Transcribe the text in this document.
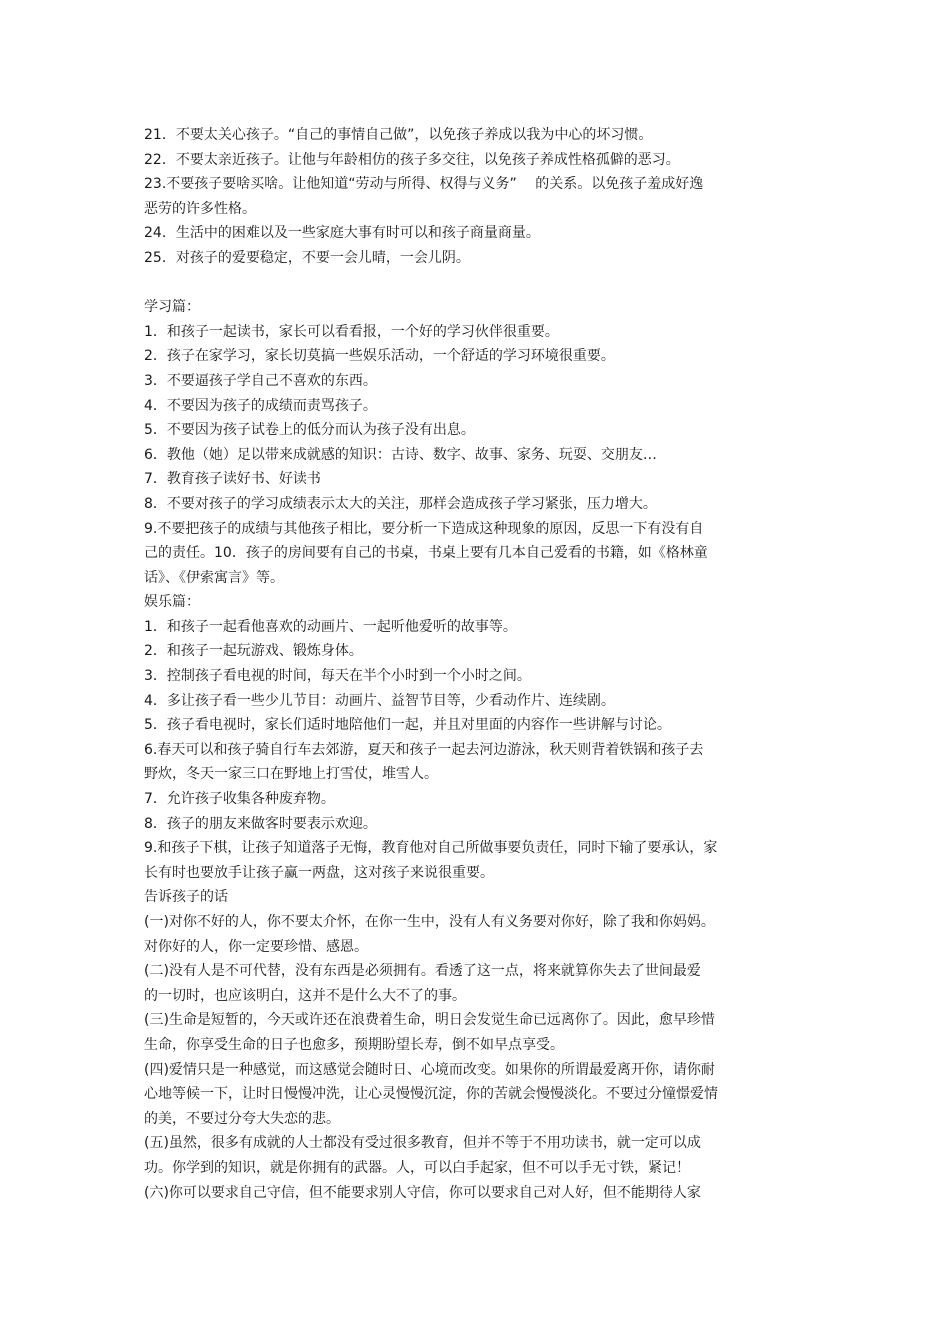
21．不要太关心孩子。“自己的事情自己做”，以免孩子养成以我为中心的坏习惯。

22．不要太亲近孩子。让他与年龄相仿的孩子多交往，以免孩子养成性格孤僻的恶习。

23.不要孩子要啥买啥。让他知道“劳动与所得、权得与义务”　 的关系。以免孩子羞成好逸

恶劳的许多性格。

24．生活中的困难以及一些家庭大事有时可以和孩子商量商量。

25．对孩子的爱要稳定，不要一会儿晴，一会儿阴。

学习篇：

1．和孩子一起读书，家长可以看看报，一个好的学习伙伴很重要。

2．孩子在家学习，家长切莫搞一些娱乐活动，一个舒适的学习环境很重要。

3．不要逼孩子学自己不喜欢的东西。

4．不要因为孩子的成绩而责骂孩子。

5．不要因为孩子试卷上的低分而认为孩子没有出息。

6．教他（她）足以带来成就感的知识：古诗、数字、故事、家务、玩耍、交朋友…

7．教育孩子读好书、好读书

8．不要对孩子的学习成绩表示太大的关注，那样会造成孩子学习紧张，压力增大。

9.不要把孩子的成绩与其他孩子相比，要分析一下造成这种现象的原因，反思一下有没有自

己的责任。10．孩子的房间要有自己的书桌，书桌上要有几本自己爱看的书籍，如《格林童

话》、《伊索寓言》等。

娱乐篇：

1．和孩子一起看他喜欢的动画片、一起听他爱听的故事等。

2．和孩子一起玩游戏、锻炼身体。

3．控制孩子看电视的时间，每天在半个小时到一个小时之间。

4．多让孩子看一些少儿节目：动画片、益智节目等，少看动作片、连续剧。

5．孩子看电视时，家长们适时地陪他们一起，并且对里面的内容作一些讲解与讨论。

6.春天可以和孩子骑自行车去郊游，夏天和孩子一起去河边游泳，秋天则背着铁锅和孩子去

野炊，冬天一家三口在野地上打雪仗，堆雪人。

7．允许孩子收集各种废弃物。

8．孩子的朋友来做客时要表示欢迎。

9.和孩子下棋，让孩子知道落子无悔，教育他对自己所做事要负责任，同时下输了要承认，家

长有时也要放手让孩子赢一两盘，这对孩子来说很重要。

告诉孩子的话

(一)对你不好的人，你不要太介怀，在你一生中，没有人有义务要对你好，除了我和你妈妈。

对你好的人，你一定要珍惜、感恩。

(二)没有人是不可代替，没有东西是必须拥有。看透了这一点，将来就算你失去了世间最爱

的一切时，也应该明白，这并不是什么大不了的事。

(三)生命是短暂的，今天或许还在浪费着生命，明日会发觉生命已远离你了。因此，愈早珍惜

生命，你享受生命的日子也愈多，预期盼望长寿，倒不如早点享受。

(四)爱情只是一种感觉，而这感觉会随时日、心境而改变。如果你的所谓最爱离开你，请你耐

心地等候一下，让时日慢慢冲洗，让心灵慢慢沉淀，你的苦就会慢慢淡化。不要过分憧憬爱情

的美，不要过分夸大失恋的悲。

(五)虽然，很多有成就的人士都没有受过很多教育，但并不等于不用功读书，就一定可以成

功。你学到的知识，就是你拥有的武器。人，可以白手起家，但不可以手无寸铁，紧记！

(六)你可以要求自己守信，但不能要求别人守信，你可以要求自己对人好，但不能期待人家
